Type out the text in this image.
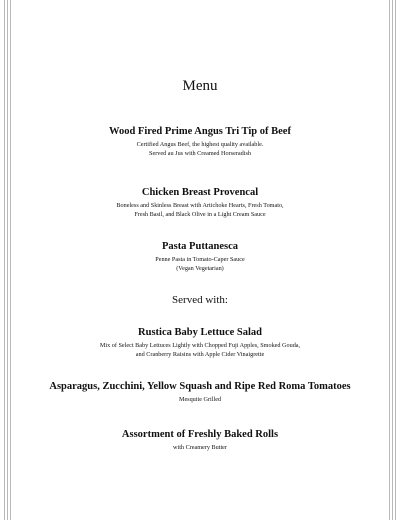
Menu

Wood Fired Prime Angus Tri Tip of Beef

Certified Angus Beef, the highest quality available.

Served au Jus with Creamed Horseradish

Chicken Breast Provencal

Boneless and Skinless Breast with Artichoke Hearts, Fresh Tomato,

Fresh Basil, and Black Olive in a Light Cream Sauce

Pasta Puttanesca

Penne Pasta in Tomato-Caper Sauce

(Vegan Vegetarian)

Served with:

Rustica Baby Lettuce Salad

Mix of Select Baby Lettuces Lightly with Chopped Fuji Apples, Smoked Gouda,

and Cranberry Raisins with Apple Cider Vinaigrette

Asparagus, Zucchini, Yellow Squash and Ripe Red Roma Tomatoes

Mesquite Grilled

Assortment of Freshly Baked Rolls

with Creamery Butter
